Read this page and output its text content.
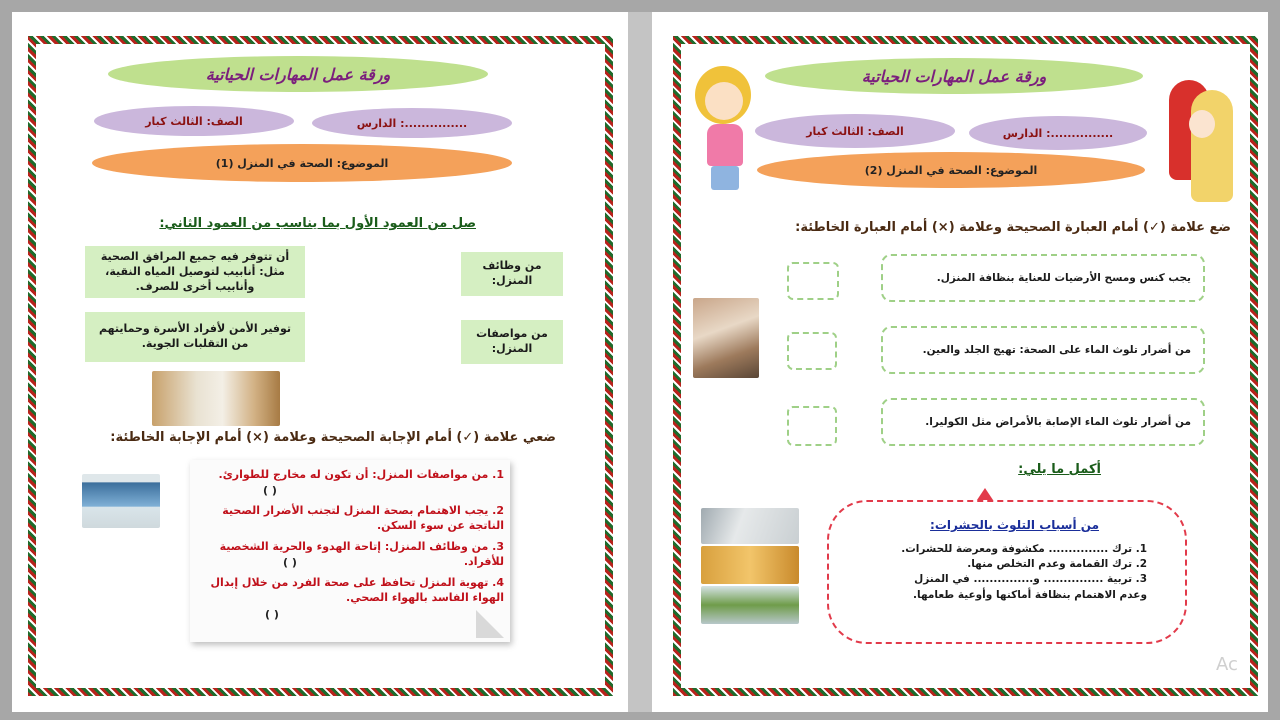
ورقة عمل المهارات الحياتية
الصف: الثالث كبار	الدارس :...............
الموضوع: الصحة في المنزل (1)
صل من العمود الأول بما يناسب من العمود الثاني:
أن تتوفر فيه جميع المرافق الصحية مثل: أنابيب لتوصيل المياه النقية، وأنابيب أخرى للصرف.
من وظائف المنزل:
توفير الأمن لأفراد الأسرة وحمايتهم من التقلبات الجوية.
من مواصفات المنزل:
ضعي علامة (✓) أمام الإجابة الصحيحة وعلامة (×) أمام الإجابة الخاطئة:
1. من مواصفات المنزل: أن تكون له مخارج للطوارئ.
( )
2. يجب الاهتمام بصحة المنزل لتجنب الأضرار الصحية الناتجة عن سوء السكن.
3. من وظائف المنزل: إتاحة الهدوء والحرية الشخصية للأفراد.
( )
4. تهوية المنزل تحافظ على صحة الفرد من خلال إبدال الهواء الفاسد بالهواء الصحي.
( )
ورقة عمل المهارات الحياتية
الصف: الثالث كبار	الدارس :...............
الموضوع: الصحة في المنزل (2)
ضع علامة (✓) أمام العبارة الصحيحة وعلامة (×) أمام العبارة الخاطئة:
يجب كنس ومسح الأرضيات للعناية بنظافة المنزل.
من أضرار تلوث الماء على الصحة: تهيج الجلد والعين.
من أضرار تلوث الماء الإصابة بالأمراض مثل الكوليرا.
أكمل ما يلي:
من أسباب التلوث بالحشرات:
1. ترك ............... مكشوفة ومعرضة للحشرات.
2. ترك القمامة وعدم التخلص منها.
3. تربية ............... و............... في المنزل
وعدم الاهتمام بنظافة أماكنها وأوعية طعامها.
Ac
